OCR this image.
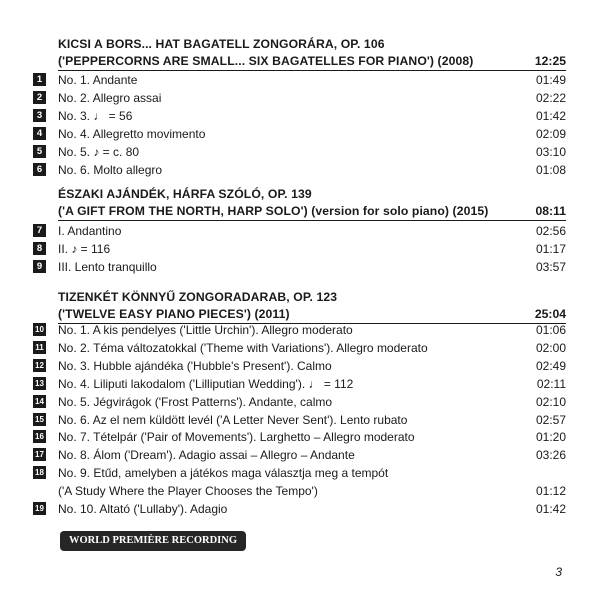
KICSI A BORS... HAT BAGATELL ZONGORÁRA, OP. 106
('PEPPERCORNS ARE SMALL... SIX BAGATELLES FOR PIANO') (2008)	12:25
1	No. 1. Andante	01:49
2	No. 2. Allegro assai	02:22
3	No. 3. ♩ = 56	01:42
4	No. 4. Allegretto movimento	02:09
5	No. 5. ♪ = c. 80	03:10
6	No. 6. Molto allegro	01:08
ÉSZAKI AJÁNDÉK, HÁRFA SZÓLÓ, OP. 139
('A GIFT FROM THE NORTH, HARP SOLO') (version for solo piano) (2015)	08:11
7	I. Andantino	02:56
8	II. ♪ = 116	01:17
9	III. Lento tranquillo	03:57
TIZENKÉT KÖNNYŰ ZONGORADARAB, OP. 123
('TWELVE EASY PIANO PIECES') (2011)	25:04
10 No. 1. A kis pendelyes ('Little Urchin'). Allegro moderato	01:06
11 No. 2. Téma változatokkal ('Theme with Variations'). Allegro moderato	02:00
12 No. 3. Hubble ajándéka ('Hubble's Present'). Calmo	02:49
13 No. 4. Liliputi lakodalom ('Lilliputian Wedding'). ♩ = 112	02:11
14 No. 5. Jégvirágok ('Frost Patterns'). Andante, calmo	02:10
15 No. 6. Az el nem küldött levél ('A Letter Never Sent'). Lento rubato	02:57
16 No. 7. Tételpár ('Pair of Movements'). Larghetto – Allegro moderato	01:20
17 No. 8. Álom ('Dream'). Adagio assai – Allegro – Andante	03:26
18 No. 9. Etűd, amelyben a játékos maga választja meg a tempót
('A Study Where the Player Chooses the Tempo')	01:12
19 No. 10. Altató ('Lullaby'). Adagio	01:42
WORLD PREMIÈRE RECORDING
3
